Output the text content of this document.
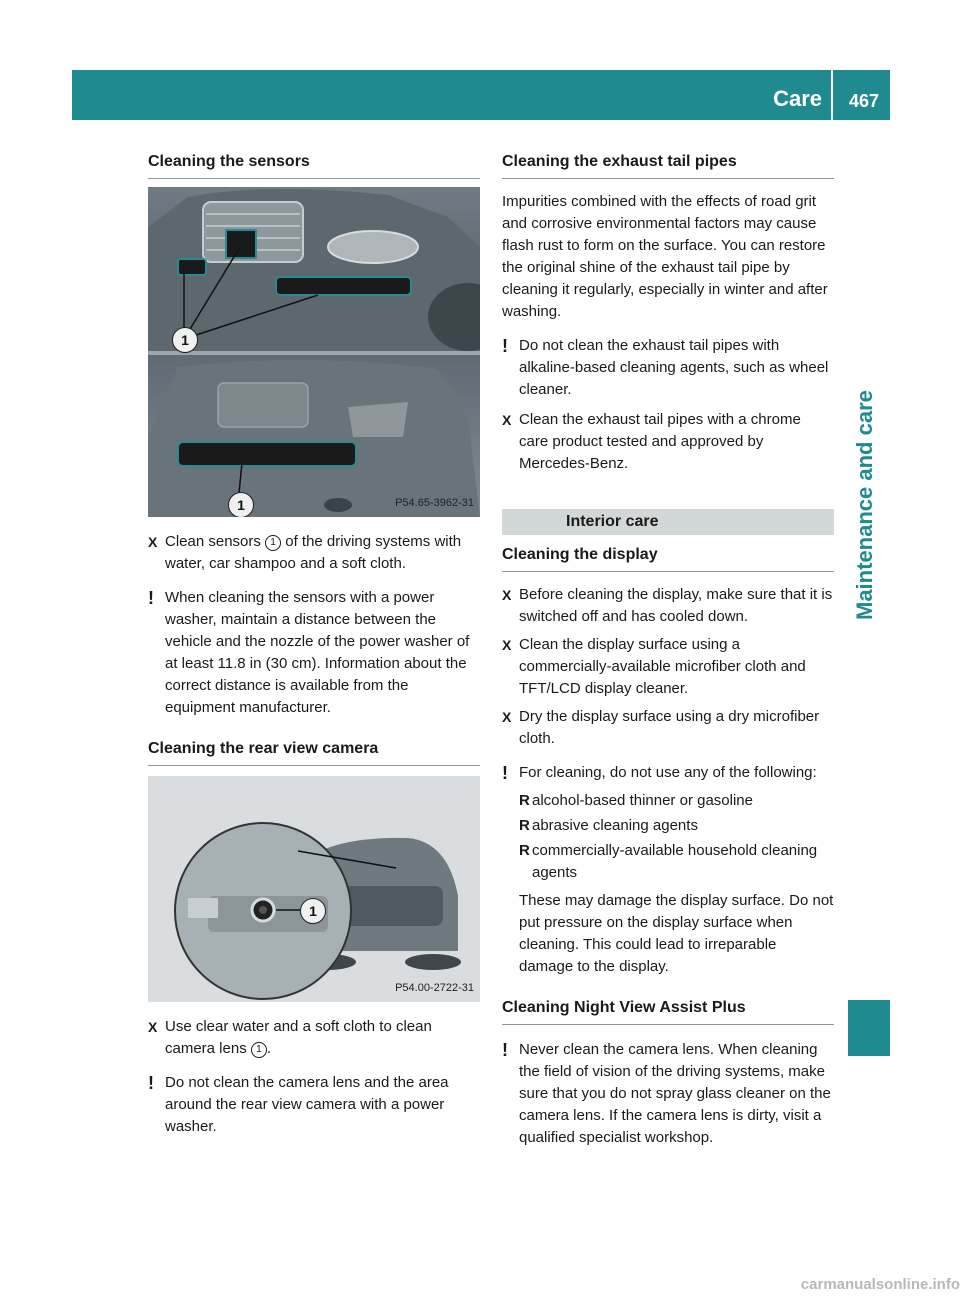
Care	467
Maintenance and care
Cleaning the sensors
1
1	P54.65-3962-31
X Clean sensors 1 of the driving systems with water, car shampoo and a soft cloth.
! When cleaning the sensors with a power washer, maintain a distance between the vehicle and the nozzle of the power washer of at least 11.8 in (30 cm). Information about the correct distance is available from the equipment manufacturer.
Cleaning the rear view camera
1
P54.00-2722-31
X Use clear water and a soft cloth to clean camera lens 1 .
! Do not clean the camera lens and the area around the rear view camera with a power washer.
Cleaning the exhaust tail pipes

Impurities combined with the effects of road grit and corrosive environmental factors may cause flash rust to form on the surface. You can restore the original shine of the exhaust tail pipe by cleaning it regularly, especially in winter and after washing.

! Do not clean the exhaust tail pipes with alkaline-based cleaning agents, such as wheel cleaner.
X Clean the exhaust tail pipes with a chrome care product tested and approved by Mercedes-Benz.
Interior care
Cleaning the display
X Before cleaning the display, make sure that it is switched off and has cooled down.
X Clean the display surface using a commercially-available microfiber cloth and TFT/LCD display cleaner.
X Dry the display surface using a dry microfiber cloth.
! For cleaning, do not use any of the following:
R alcohol-based thinner or gasoline
R abrasive cleaning agents
R commercially-available household cleaning agents

These may damage the display surface. Do not put pressure on the display surface when cleaning. This could lead to irreparable damage to the display.

Cleaning Night View Assist Plus
! Never clean the camera lens. When cleaning the field of vision of the driving systems, make sure that you do not spray glass cleaner on the camera lens. If the camera lens is dirty, visit a qualified specialist workshop.
carmanualsonline.info
